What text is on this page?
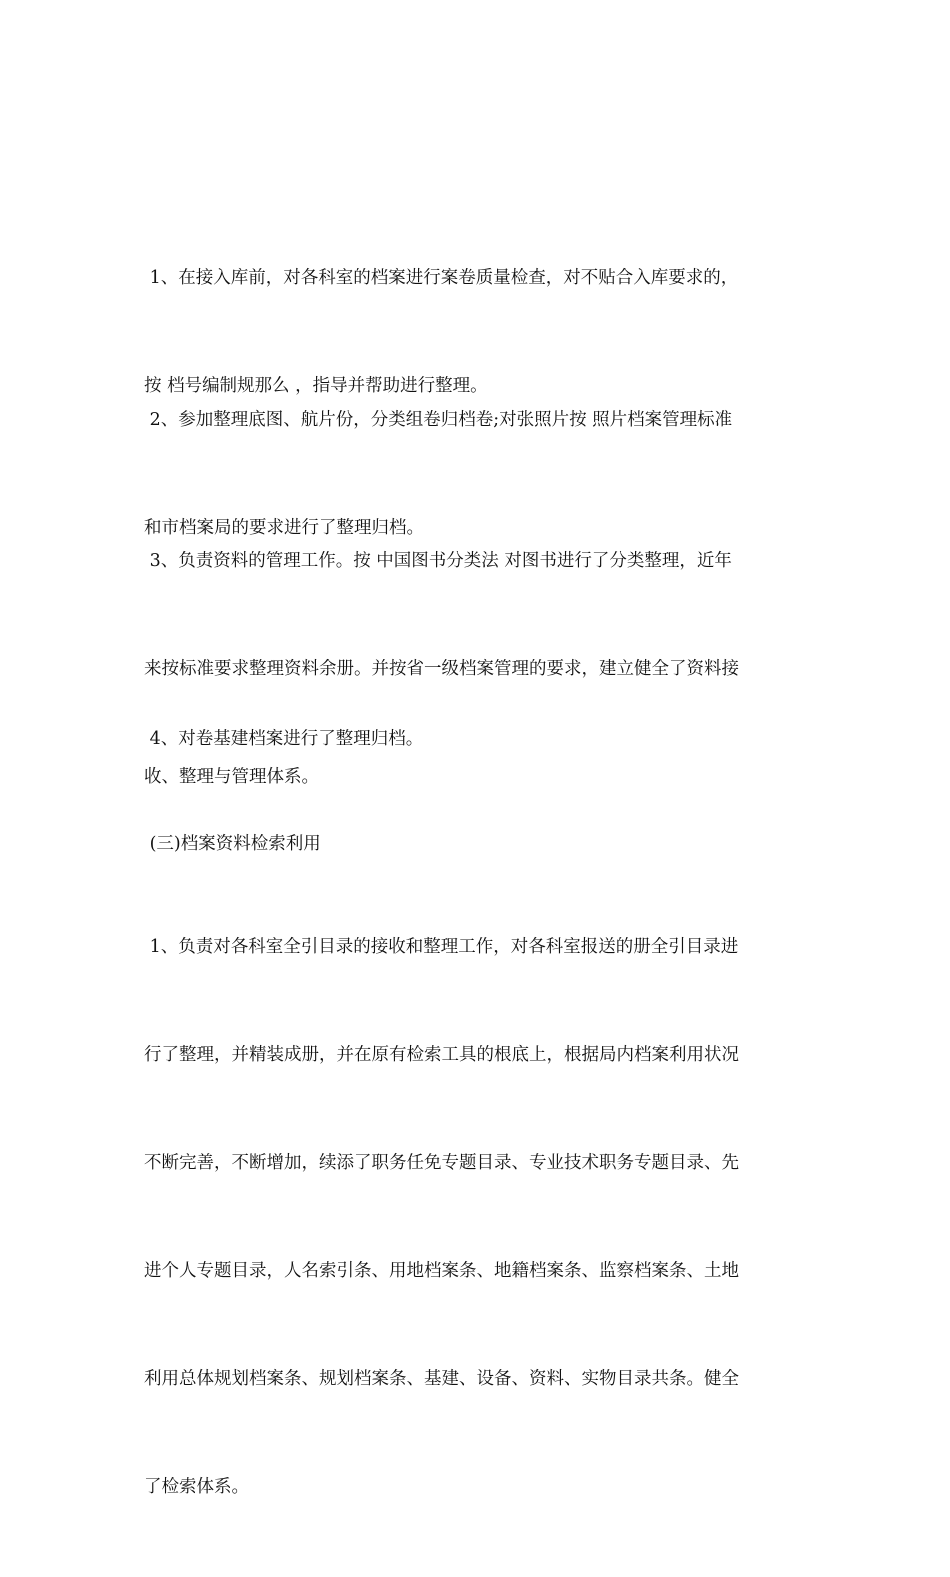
1、在接入库前，对各科室的档案进行案卷质量检查，对不贴合入库要求的，

按 档号编制规那么 ，指导并帮助进行整理。

2、参加整理底图、航片份，分类组卷归档卷;对张照片按 照片档案管理标准

和市档案局的要求进行了整理归档。

3、负责资料的管理工作。按 中国图书分类法 对图书进行了分类整理，近年

来按标准要求整理资料余册。并按省一级档案管理的要求，建立健全了资料接

收、整理与管理体系。

4、对卷基建档案进行了整理归档。

(三)档案资料检索利用

1、负责对各科室全引目录的接收和整理工作，对各科室报送的册全引目录进

行了整理，并精装成册，并在原有检索工具的根底上，根据局内档案利用状况

不断完善，不断增加，续添了职务任免专题目录、专业技术职务专题目录、先

进个人专题目录，人名索引条、用地档案条、地籍档案条、监察档案条、土地

利用总体规划档案条、规划档案条、基建、设备、资料、实物目录共条。健全

了检索体系。
